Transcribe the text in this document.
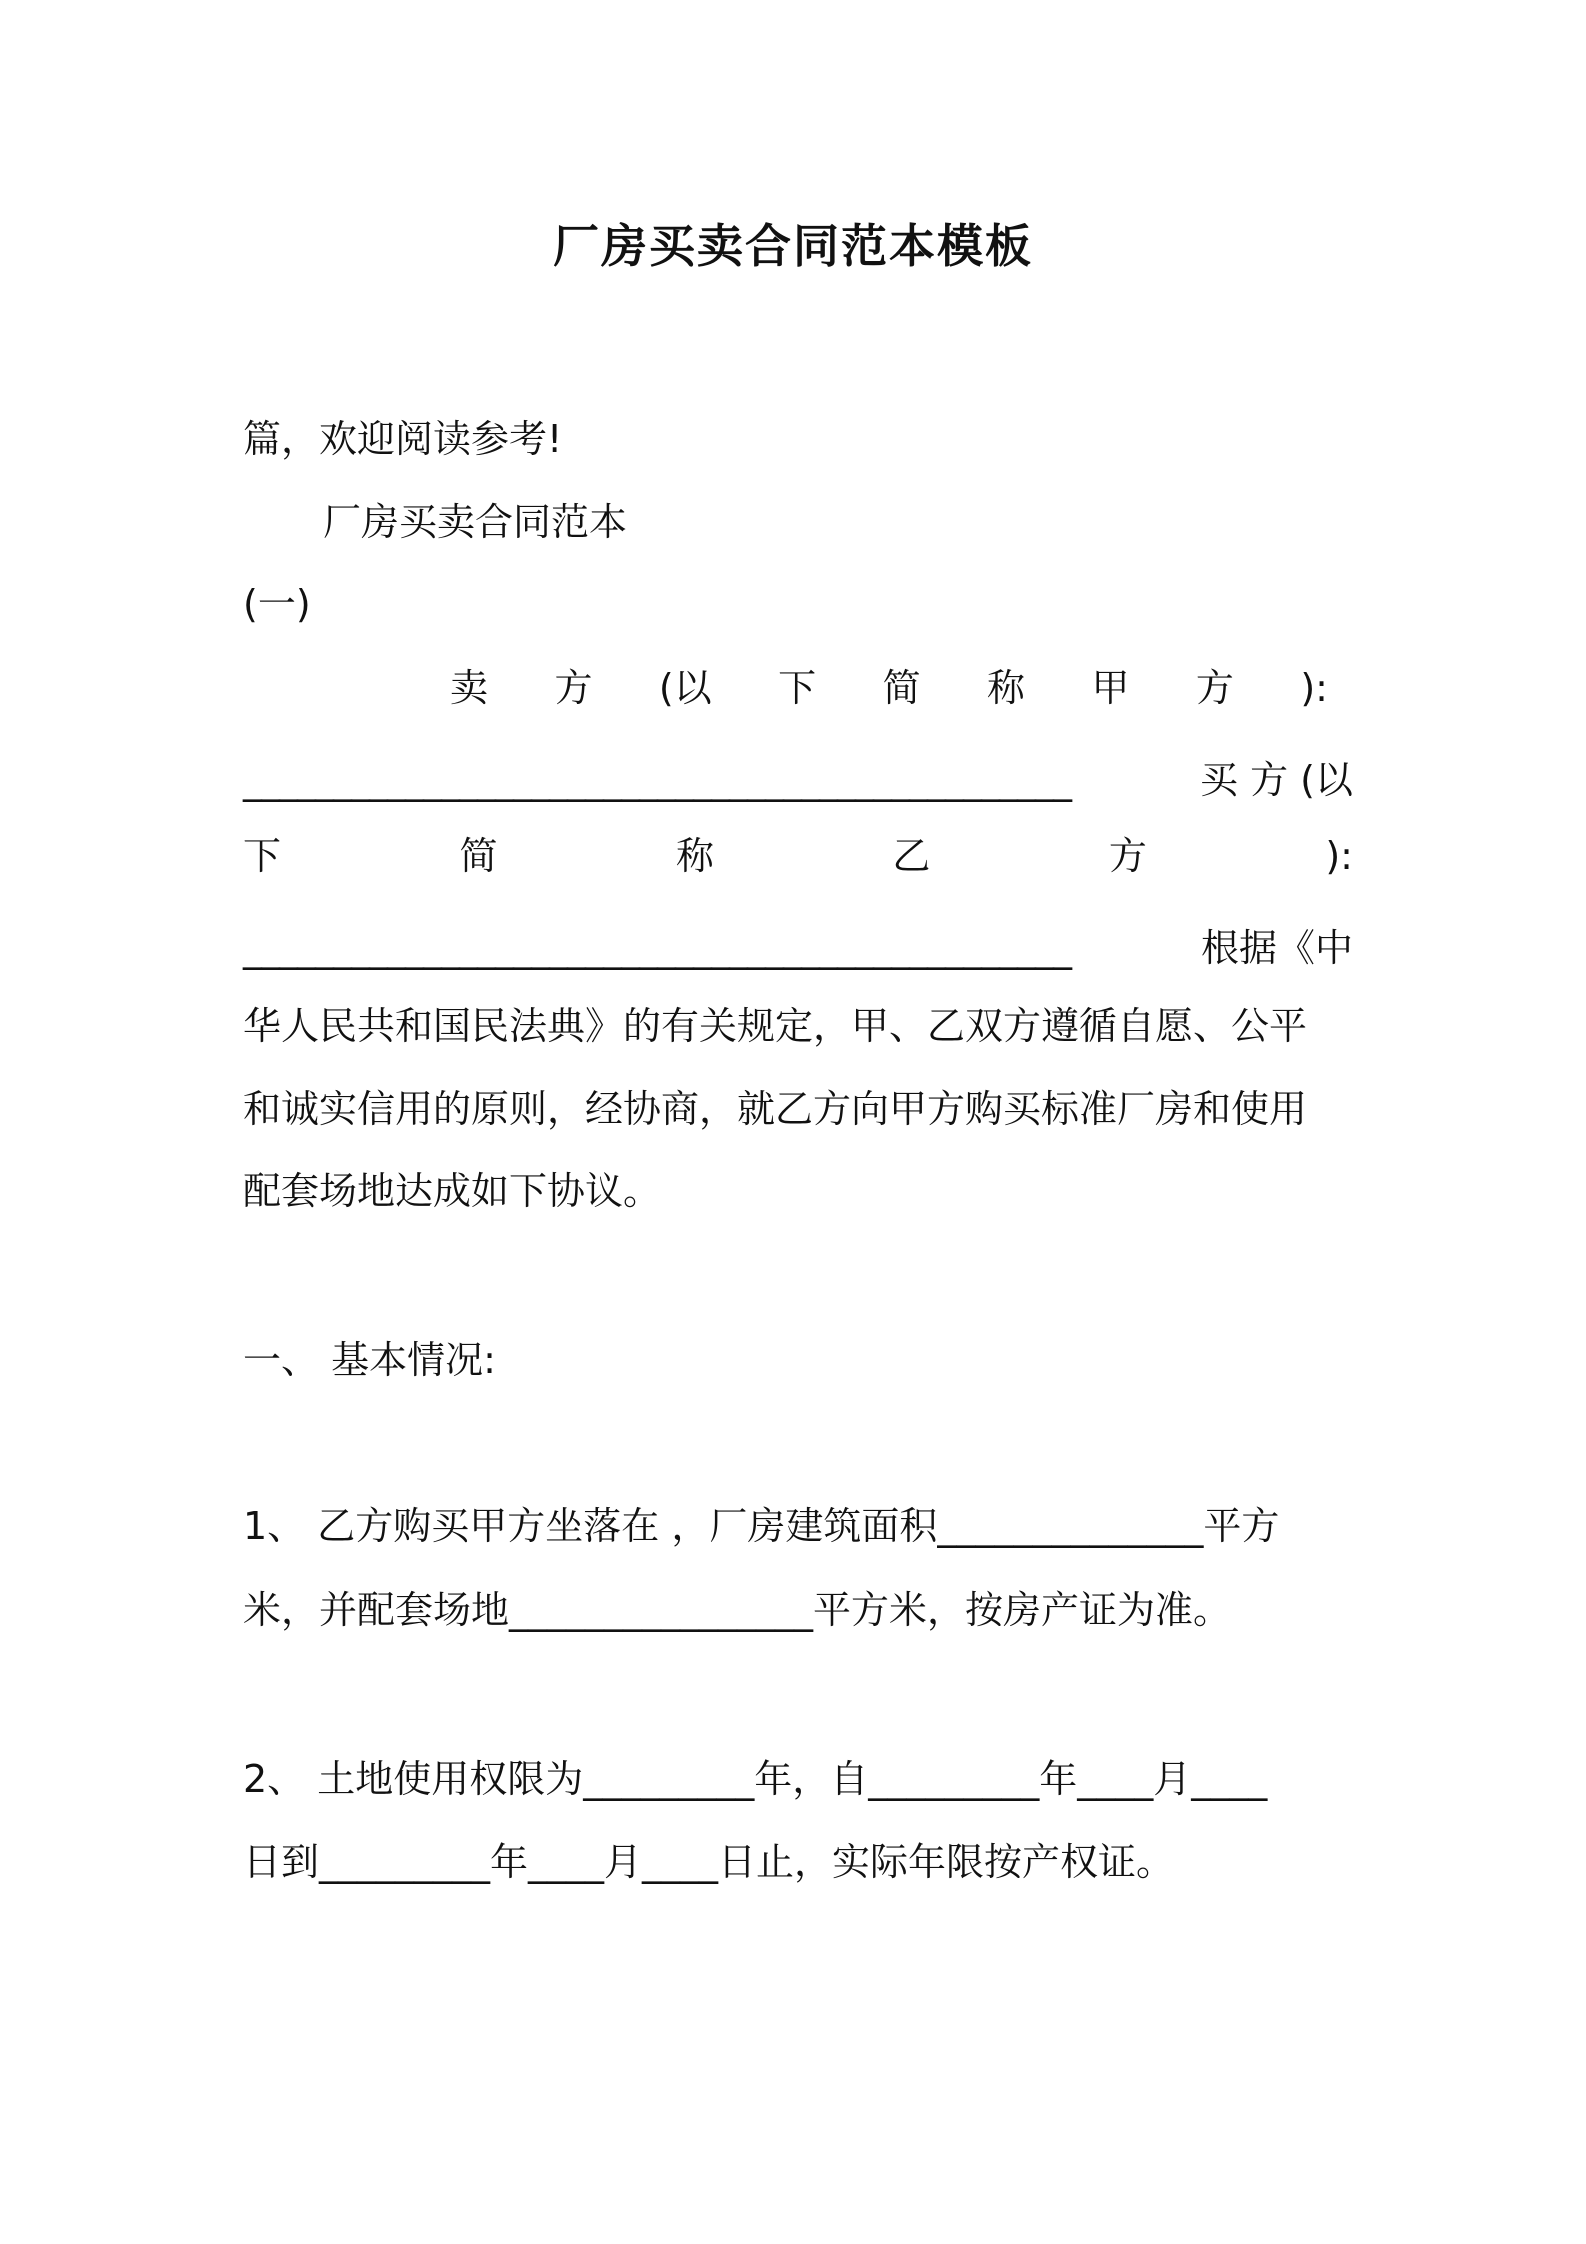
厂房买卖合同范本模板
篇，欢迎阅读参考!
厂房买卖合同范本
(一)
卖 方 (以 下 简 称 甲 方 ):
______________________________________________	买 方 (以
下	简	称	乙	方	):
______________________________________________	根据《中
华人民共和国民法典》的有关规定，甲、乙双方遵循自愿、公平
和诚实信用的原则，经协商，就乙方向甲方购买标准厂房和使用
配套场地达成如下协议。
一、 基本情况:
1、 乙方购买甲方坐落在 ，厂房建筑面积______________平方
米，并配套场地________________平方米，按房产证为准。
2、 土地使用权限为_________年，自_________年____月____
日到_________年____月____日止，实际年限按产权证。
